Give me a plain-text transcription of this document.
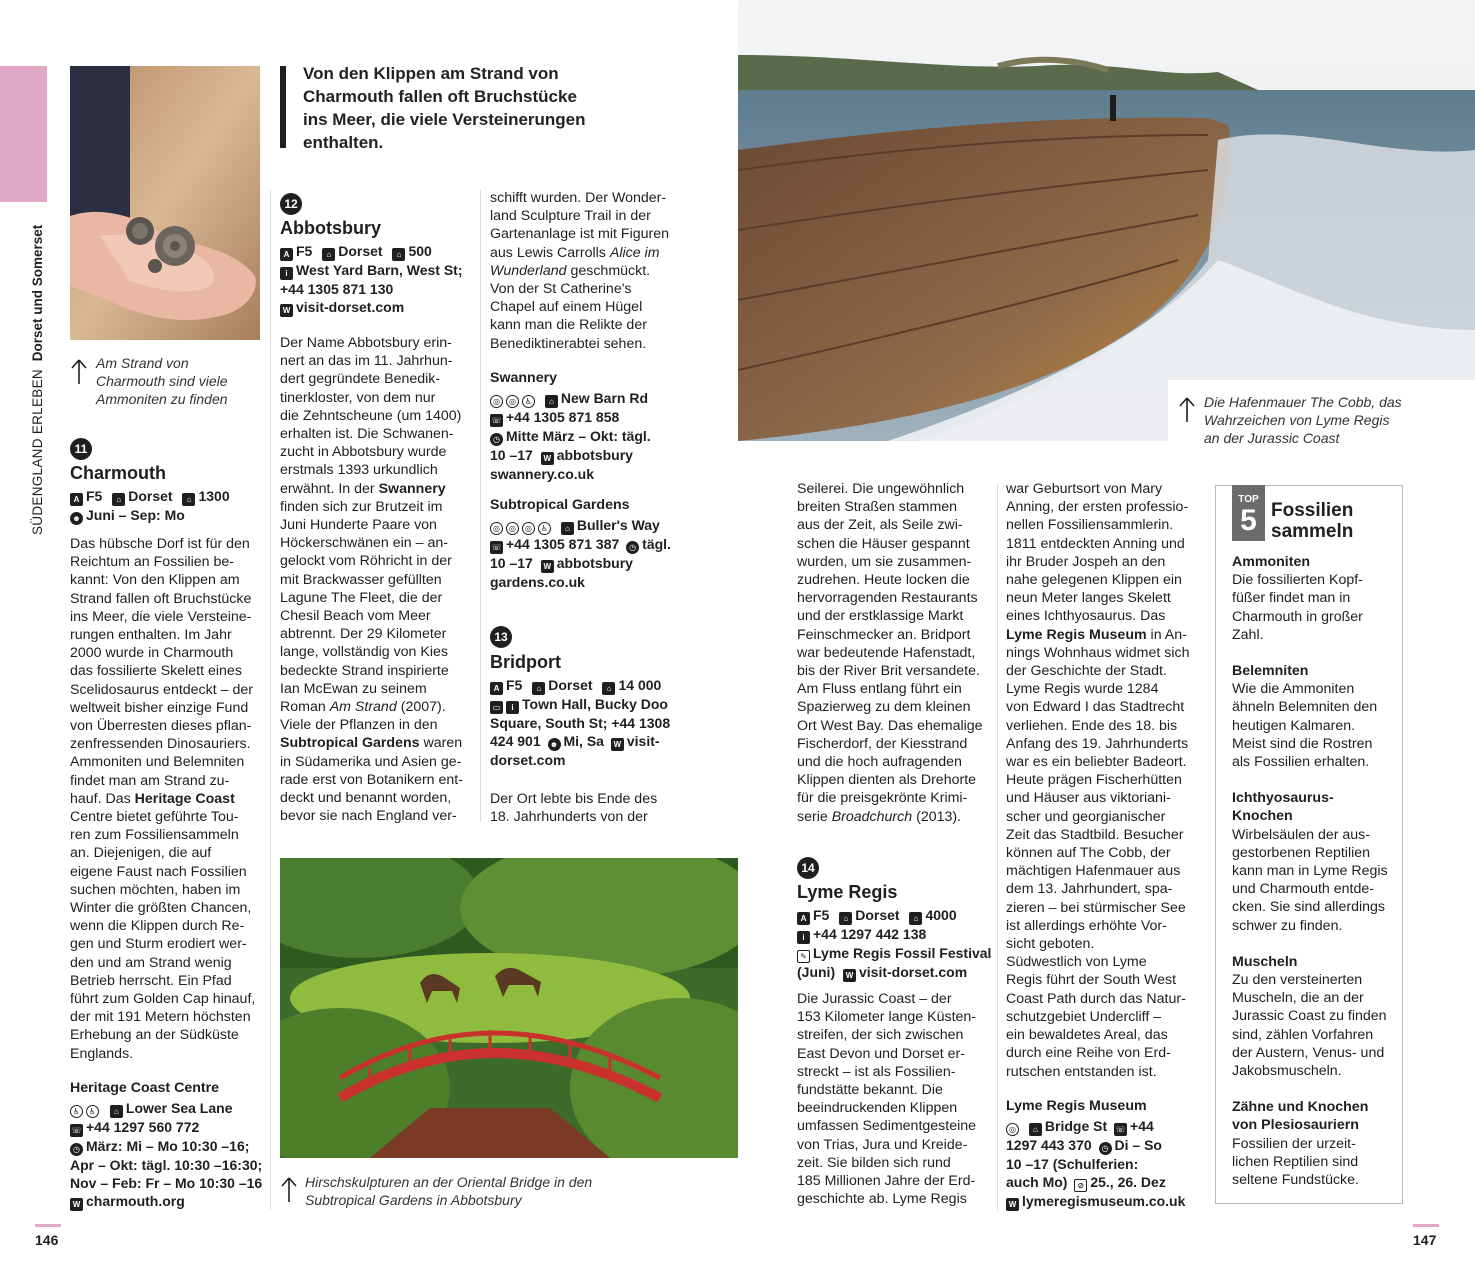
SÜDENGLAND ERLEBEN Dorset und Somerset
Am Strand von Charmouth sind viele Ammoniten zu finden
11
Charmouth
A F5 ⌂ Dorset ⌂ 1300
☻ Juni – Sep: Mo
Das hübsche Dorf ist für den
Reichtum an Fossilien be-
kannt: Von den Klippen am
Strand fallen oft Bruchstücke
ins Meer, die viele Versteine-
rungen enthalten. Im Jahr
2000 wurde in Charmouth
das fossilierte Skelett eines
Scelidosaurus entdeckt – der
weltweit bisher einzige Fund
von Überresten dieses pflan-
zenfressenden Dinosauriers.
Ammoniten und Belemniten
findet man am Strand zu-
hauf. Das Heritage Coast
Centre bietet geführte Tou-
ren zum Fossiliensammeln
an. Diejenigen, die auf
eigene Faust nach Fossilien
suchen möchten, haben im
Winter die größten Chancen,
wenn die Klippen durch Re-
gen und Sturm erodiert wer-
den und am Strand wenig
Betrieb herrscht. Ein Pfad
führt zum Golden Cap hinauf,
der mit 191 Metern höchsten
Erhebung an der Südküste
Englands.
Heritage Coast Centre
♿ ♿ ⌂ Lower Sea Lane
☏ +44 1297 560 772
◷ März: Mi – Mo 10:30 –16;
Apr – Okt: tägl. 10:30 –16:30;
Nov – Feb: Fr – Mo 10:30 –16
W charmouth.org
146
Von den Klippen am Strand von Charmouth fallen oft Bruchstücke ins Meer, die viele Versteinerungen enthalten.
12
Abbotsbury
A F5 ⌂ Dorset ⌂ 500
i West Yard Barn, West St;
+44 1305 871 130
W visit-dorset.com
Der Name Abbotsbury erin-
nert an das im 11. Jahrhun-
dert gegründete Benedik-
tinerkloster, von dem nur
die Zehntscheune (um 1400)
erhalten ist. Die Schwanen-
zucht in Abbotsbury wurde
erstmals 1393 urkundlich
erwähnt. In der Swannery
finden sich zur Brutzeit im
Juni Hunderte Paare von
Höckerschwänen ein – an-
gelockt vom Röhricht in der
mit Brackwasser gefüllten
Lagune The Fleet, die der
Chesil Beach vom Meer
abtrennt. Der 29 Kilometer
lange, vollständig von Kies
bedeckte Strand inspirierte
Ian McEwan zu seinem
Roman Am Strand (2007).
Viele der Pflanzen in den
Subtropical Gardens waren
in Südamerika und Asien ge-
rade erst von Botanikern ent-
deckt und benannt worden,
bevor sie nach England ver-
schifft wurden. Der Wonder-
land Sculpture Trail in der
Gartenanlage ist mit Figuren
aus Lewis Carrolls Alice im
Wunderland geschmückt.
Von der St Catherine's
Chapel auf einem Hügel
kann man die Relikte der
Benediktinerabtei sehen.
Swannery
◎ ◎ ♿ ⌂ New Barn Rd
☏ +44 1305 871 858
◷ Mitte März – Okt: tägl.
10 –17 W abbotsbury
swannery.co.uk
Subtropical Gardens
◎ ◎ ◎ ♿ ⌂ Buller's Way
☏ +44 1305 871 387 ◷ tägl.
10 –17 W abbotsbury
gardens.co.uk
13
Bridport
A F5 ⌂ Dorset ⌂ 14 000
▭ i Town Hall, Bucky Doo
Square, South St; +44 1308
424 901 ☻ Mi, Sa W visit-
dorset.com
Der Ort lebte bis Ende des
18. Jahrhunderts von der
Hirschskulpturen an der Oriental Bridge in den Subtropical Gardens in Abbotsbury
Die Hafenmauer The Cobb, das Wahrzeichen von Lyme Regis an der Jurassic Coast
Seilerei. Die ungewöhnlich
breiten Straßen stammen
aus der Zeit, als Seile zwi-
schen die Häuser gespannt
wurden, um sie zusammen-
zudrehen. Heute locken die
hervorragenden Restaurants
und der erstklassige Markt
Feinschmecker an. Bridport
war bedeutende Hafenstadt,
bis der River Brit versandete.
Am Fluss entlang führt ein
Spazierweg zu dem kleinen
Ort West Bay. Das ehemalige
Fischerdorf, der Kiesstrand
und die hoch aufragenden
Klippen dienten als Drehorte
für die preisgekrönte Krimi-
serie Broadchurch (2013).
14
Lyme Regis
A F5 ⌂ Dorset ⌂ 4000
i +44 1297 442 138
✎ Lyme Regis Fossil Festival
(Juni) W visit-dorset.com
Die Jurassic Coast – der
153 Kilometer lange Küsten-
streifen, der sich zwischen
East Devon und Dorset er-
streckt – ist als Fossilien-
fundstätte bekannt. Die
beeindruckenden Klippen
umfassen Sedimentgesteine
von Trias, Jura und Kreide-
zeit. Sie bilden sich rund
185 Millionen Jahre der Erd-
geschichte ab. Lyme Regis
war Geburtsort von Mary
Anning, der ersten professio-
nellen Fossiliensammlerin.
1811 entdeckten Anning und
ihr Bruder Jospeh an den
nahe gelegenen Klippen ein
neun Meter langes Skelett
eines Ichthyosaurus. Das
Lyme Regis Museum in An-
nings Wohnhaus widmet sich
der Geschichte der Stadt.
Lyme Regis wurde 1284
von Edward I das Stadtrecht
verliehen. Ende des 18. bis
Anfang des 19. Jahrhunderts
war es ein beliebter Badeort.
Heute prägen Fischerhütten
und Häuser aus viktoriani-
scher und georgianischer
Zeit das Stadtbild. Besucher
können auf The Cobb, der
mächtigen Hafenmauer aus
dem 13. Jahrhundert, spa-
zieren – bei stürmischer See
ist allerdings erhöhte Vor-
sicht geboten.
Südwestlich von Lyme
Regis führt der South West
Coast Path durch das Natur-
schutzgebiet Undercliff –
ein bewaldetes Areal, das
durch eine Reihe von Erd-
rutschen entstanden ist.
Lyme Regis Museum
◎ ⌂ Bridge St ☏ +44
1297 443 370 ◷ Di – So
10 –17 (Schulferien:
auch Mo) ⊘ 25., 26. Dez
W lymeregismuseum.co.uk
TOP
5 Fossilien
sammeln
Ammoniten
Die fossilierten Kopf-
füßer findet man in
Charmouth in großer
Zahl.
Belemniten
Wie die Ammoniten
ähneln Belemniten den
heutigen Kalmaren.
Meist sind die Rostren
als Fossilien erhalten.
Ichthyosaurus-
Knochen
Wirbelsäulen der aus-
gestorbenen Reptilien
kann man in Lyme Regis
und Charmouth entde-
cken. Sie sind allerdings
schwer zu finden.
Muscheln
Zu den versteinerten
Muscheln, die an der
Jurassic Coast zu finden
sind, zählen Vorfahren
der Austern, Venus- und
Jakobsmuscheln.
Zähne und Knochen
von Plesiosauriern
Fossilien der urzeit-
lichen Reptilien sind
seltene Fundstücke.
147
